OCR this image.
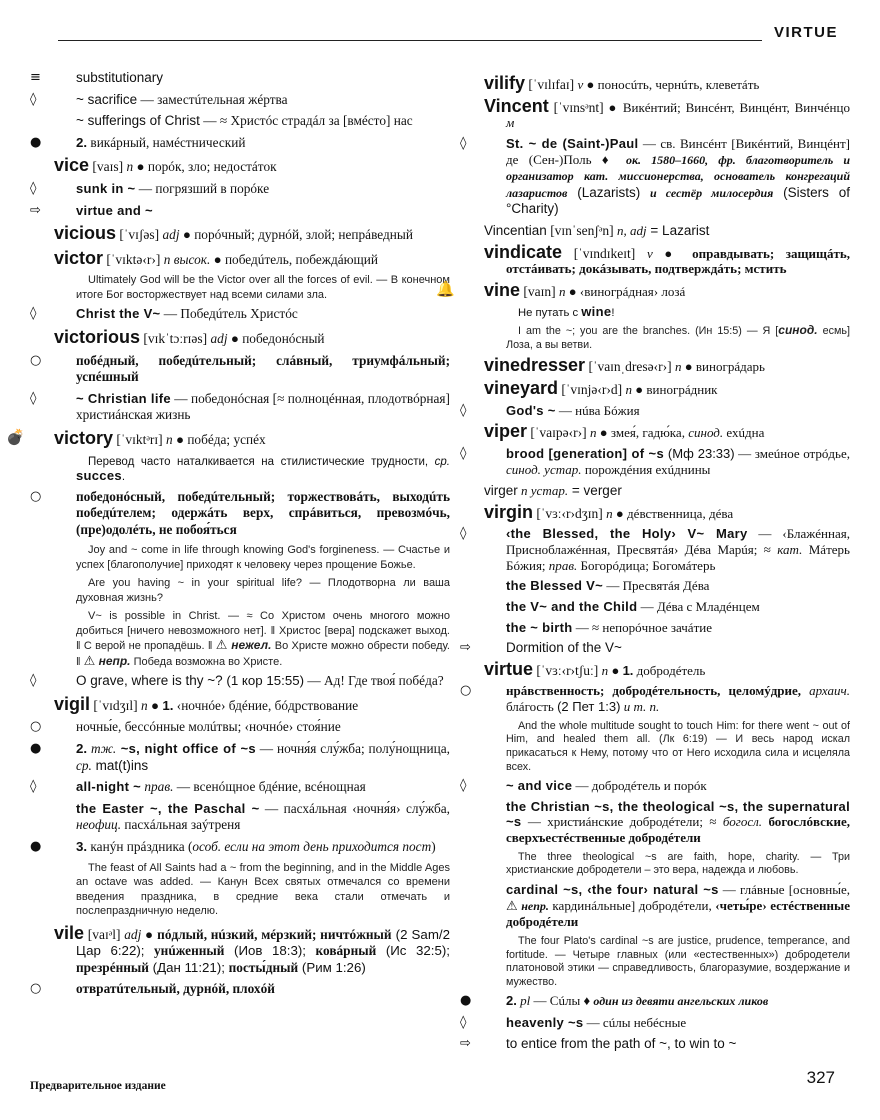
VIRTUE
≡	substitutionary
◊	~ sacrifice — заместúтельная жéртва
~ sufferings of Christ — ≈ Христóс страдáл за [вмéсто] нас
●	2. викáрный, намéстнический
vice [vaɪs] n ● порóк, зло; недостáток
◊	sunk in ~ — погрязший в порóке
⇨	virtue and ~
vicious [ˈvɪʃəs] adj ● порóчный; дурнóй, злой; непрáведный
victor [ˈvɪktə‹r›] n высок. ● победúтель, побеждáющий
Ultimately God will be the Victor over all the forces of evil. — В конечном итоге Бог восторжествует над всеми силами зла.
◊	Christ the V~ — Победúтель Христóс
victorious [vɪkˈtɔːrɪəs] adj ● победонóсный
○	побéдный, победúтельный; слáвный, триумфáльный; успéшный
◊	~ Christian life — победонóсная [≈ полноцéнная, плодотвóрная] христиáнская жизнь
💣	victory [ˈvɪktᵊrɪ] n ● побéда; успéх
Перевод часто наталкивается на стилистические трудности, ср. succes.
○	победонóсный, победúтельный; торжествовáть, выходúть победúтелем; одержáть верх, спрáвиться, превозмóчь, (пре)одолéть, не побоя́ться
Joy and ~ come in life through knowing God's forgineness. — Счастье и успех [благополучие] приходят к человеку через прощение Божье.
Are you having ~ in your spiritual life? — Плодотворна ли ваша духовная жизнь?
V~ is possible in Christ. — ≈ Со Христом очень многого можно добиться [ничего невозможного нет]. ‖ Христос [вера] подскажет выход. ‖ С верой не пропадёшь. ‖ ⚠ нежел. Во Христе можно обрести победу. ‖ ⚠ непр. Победа возможна во Христе.
◊	O grave, where is thy ~? (1 кор 15:55) — Ад! Где твоя́ побéда?
vigil [ˈvɪdʒɪl] n ● 1. ‹ночнóе› бдéние, бóдрствование
○	ночны́е, бессóнные молúтвы; ‹ночнóе› стоя́ние
●	2. тж. ~s, night office of ~s — ночня́я слу́жба; полу́нощница, ср. mat(t)ins
◊	all-night ~ прав. — всенóщное бдéние, всéнощная
the Easter ~, the Paschal ~ — пасхáльная ‹ночня́я› слу́жба, неофиц. пасхáльная заýтреня
●	3. канýн прáздника (особ. если на этот день приходится пост)
The feast of All Saints had a ~ from the beginning, and in the Middle Ages an octave was added. — Канун Всех святых отмечался со времени введения праздника, в средние века стали отмечать и послепраздничную неделю.
vile [vaɪᵊl] adj ● пóдлый, нúзкий, мéрзкий; ничтóжный (2 Sam/2 Цар 6:22); унúженный (Иов 18:3); ковáрный (Ис 32:5); презрéнный (Дан 11:21); посты́дный (Рим 1:26)
○	отвратúтельный, дурнóй, плохóй
vilify [ˈvɪlɪfaɪ] v ● поносúть, чернúть, клеветáть
Vincent [ˈvɪnsᵊnt] ● Викéнтий; Винсéнт, Винцéнт, Винчéнцо м
◊	St. ~ de (Saint-)Paul — св. Винсéнт [Викéнтий, Винцéнт] де (Сен-)Поль ♦ ок. 1580–1660, фр. благотворитель и организатор кат. миссионерства, основатель конгрегаций лазаристов (Lazarists) и сестёр милосердия (Sisters of °Charity)
Vincentian [vɪnˈsenʃᵊn] n, adj = Lazarist
vindicate [ˈvɪndɪkeɪt] v ● оправдывать; защищáть, отстáивать; докáзывать, подтверждáть; мстить
🔔	vine [vaɪn] n ● ‹виногрáдная› лозá
Не путать с wine!
I am the ~; you are the branches. (Ин 15:5) — Я [синод. есмь] Лоза, а вы ветви.
vinedresser [ˈvaɪnˌdresə‹r›] n ● виногрáдарь
vineyard [ˈvɪnjə‹r›d] n ● виногрáдник
◊	God's ~ — нúва Бóжия
viper [ˈvaɪpə‹r›] n ● змея́, гадю́ка, синод. ехúдна
◊	brood [generation] of ~s (Мф 23:33) — змеúное отрóдье, синод. устар. порождéния ехúднины
virger n устар. = verger
virgin [ˈvɜː‹r›dʒɪn] n ● дéвственница, дéва
◊	‹the Blessed, the Holy› V~ Mary — ‹Блажéнная, Приснoблажéнная, Пресвятáя› Дéва Марúя; ≈ кат. Мáтерь Бóжия; прав. Богорóдица; Богомáтерь
the Blessed V~ — Пресвятáя Дéва
the V~ and the Child — Дéва с Младéнцем
the ~ birth — ≈ непорóчное зачáтие
⇨	Dormition of the V~
virtue [ˈvɜː‹r›tʃuː] n ● 1. добродéтель
○	нрáвственность; добродéтельность, целомýдрие, архаич. блáгость (2 Пет 1:3) и т. п.
And the whole multitude sought to touch Him: for there went ~ out of Him, and healed them all. (Лк 6:19) — И весь народ искал прикасаться к Нему, потому что от Него исходила сила и исцеляла всех.
◊	~ and vice — добродéтель и порóк
the Christian ~s, the theological ~s, the supernatural ~s — христиáнские добродéтели; ≈ богосл. богослóвские, сверхъестéственные добродéтели
The three theological ~s are faith, hope, charity. — Три христианские добродетели – это вера, надежда и любовь.
cardinal ~s, ‹the four› natural ~s — глáвные [основны́е, ⚠ непр. кардинáльные] добродéтели, ‹четы́ре› естéственные добродéтели
The four Plato's cardinal ~s are justice, prudence, temperance, and fortitude. — Четыре главных (или «естественных») добродетели платоновой этики — справедливость, благоразумие, воздержание и мужество.
●	2. pl — Сúлы ♦ один из девяти ангельских ликов
◊	heavenly ~s — сúлы небéсные
⇨	to entice from the path of ~, to win to ~
Предварительное издание	327
